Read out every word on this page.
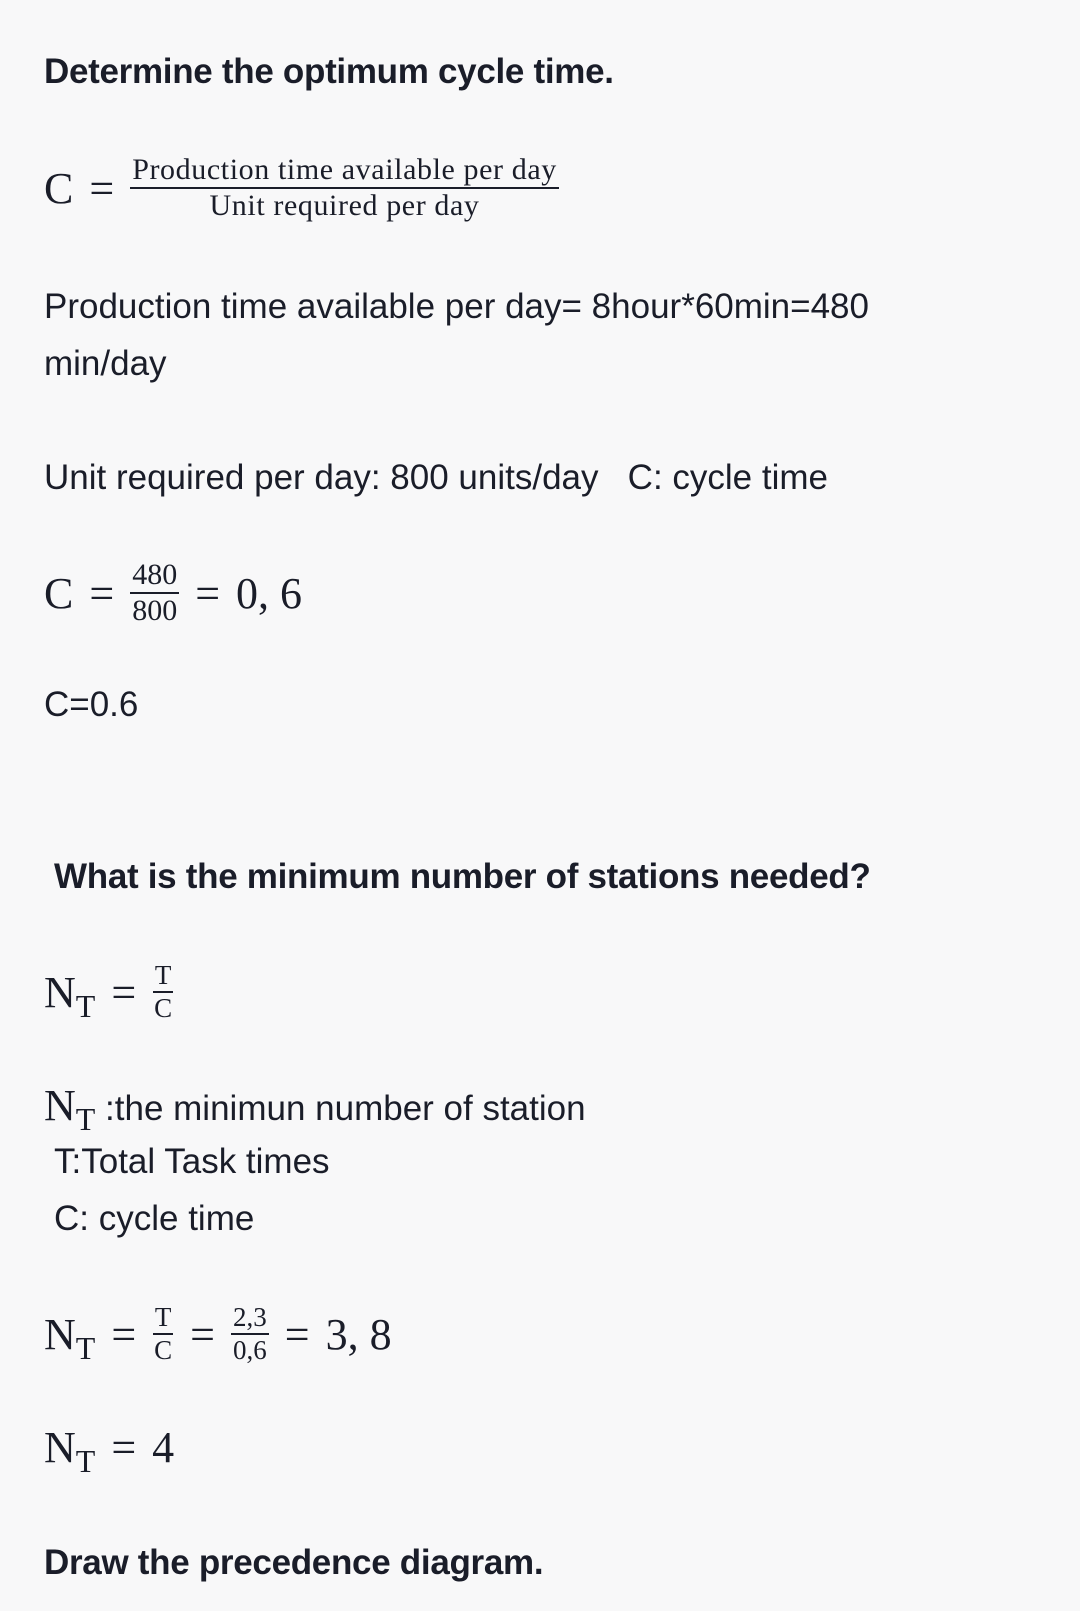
Determine the optimum cycle time.
$C = \frac{\text{Production time available per day}}{\text{Unit required per day}}$
Production time available per day= 8hour*60min=480 min/day
Unit required per day: 800 units/day   C: cycle time
$C = \frac{480}{800} = 0$, 6
C=0.6
What is the minimum number of stations needed?
$N_T = \frac{T}{C}$
$N_T$ :the minimun number of station
T:Total Task times
C: cycle time
$N_T = \frac{T}{C} = \frac{2,3}{0,6} = 3$, 8
$N_T = 4$
Draw the precedence diagram.
